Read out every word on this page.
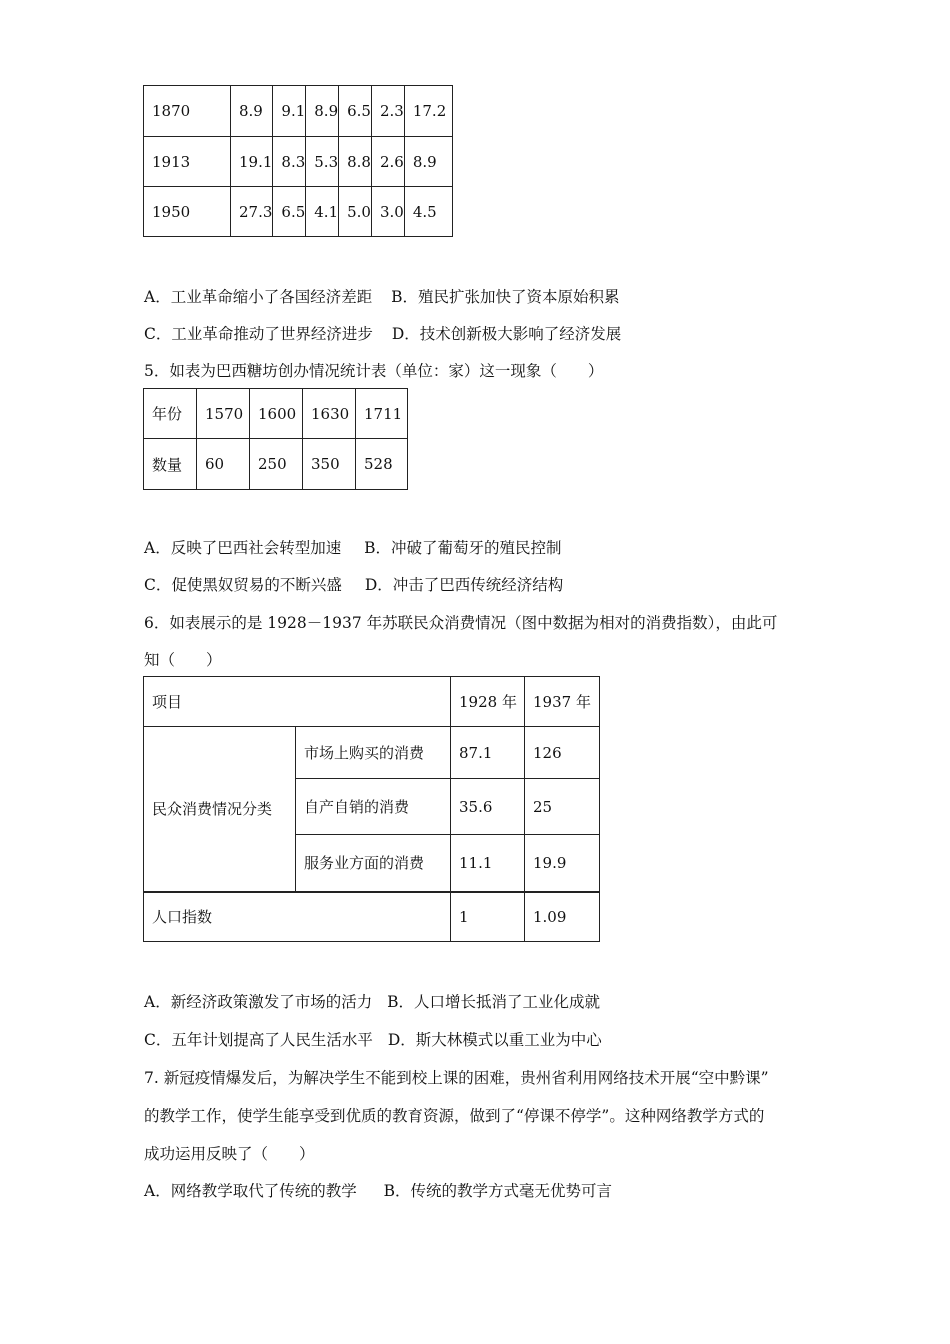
1870	8.9	9.1	8.9	6.5	2.3	17.2
1913	19.1	8.3	5.3	8.8	2.6	8.9
1950	27.3	6.5	4.1	5.0	3.0	4.5
A．工业革命缩小了各国经济差距 B．殖民扩张加快了资本原始积累
C．工业革命推动了世界经济进步 D．技术创新极大影响了经济发展
5．如表为巴西糖坊创办情况统计表（单位：家）这一现象（　　）
年份	1570	1600	1630	1711
数量	60	250	350	528
A．反映了巴西社会转型加速 B．冲破了葡萄牙的殖民控制
C．促使黑奴贸易的不断兴盛 D．冲击了巴西传统经济结构
6．如表展示的是 1928－1937 年苏联民众消费情况（图中数据为相对的消费指数），由此可
知（　　）
项目		1928 年	1937 年
民众消费情况分类	市场上购买的消费	87.1	126
	自产自销的消费	35.6	25
	服务业方面的消费	11.1	19.9
人口指数		1	1.09
A．新经济政策激发了市场的活力 B．人口增长抵消了工业化成就
C．五年计划提高了人民生活水平 D．斯大林模式以重工业为中心
7. 新冠疫情爆发后，为解决学生不能到校上课的困难，贵州省利用网络技术开展“空中黔课”
的教学工作，使学生能享受到优质的教育资源，做到了“停课不停学”。这种网络教学方式的
成功运用反映了（　　）
A．网络教学取代了传统的教学 B．传统的教学方式毫无优势可言
